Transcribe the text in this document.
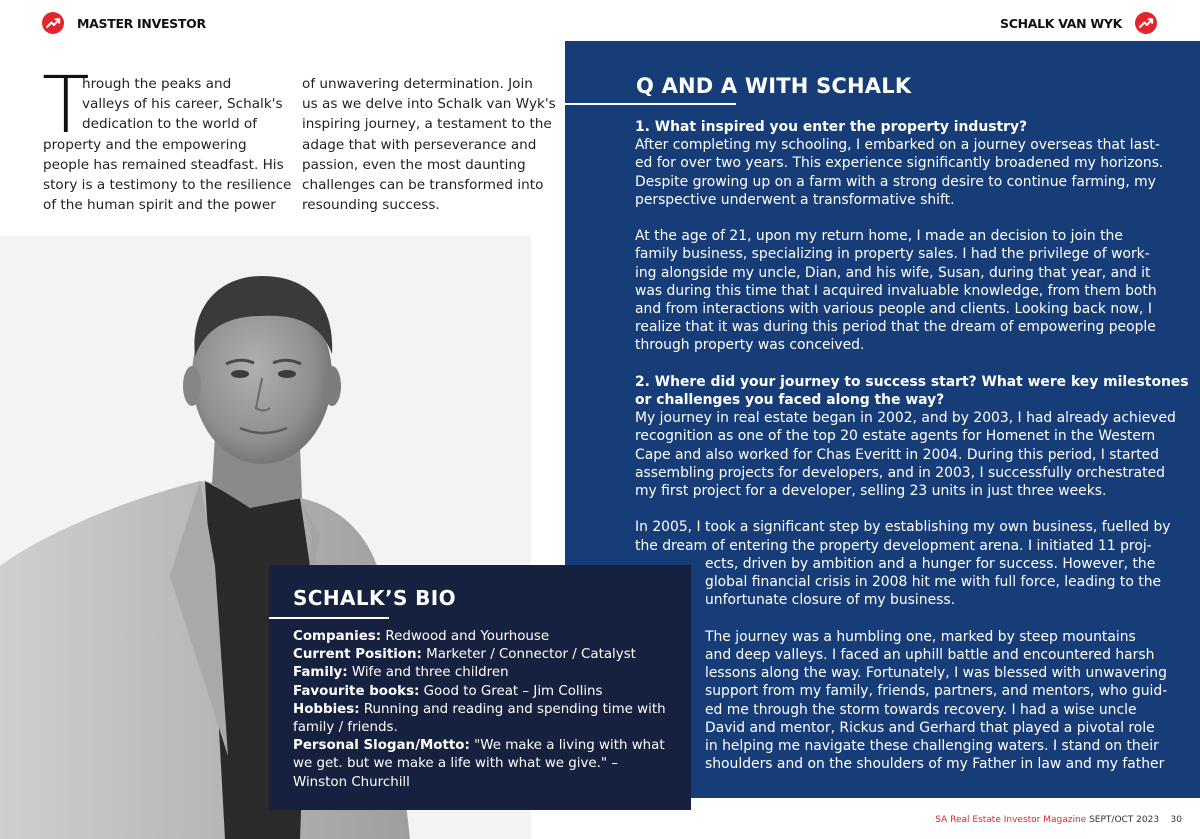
MASTER INVESTOR	SCHALK VAN WYK
T
hrough the peaks and
valleys of his career, Schalk's
dedication to the world of
property and the empowering
people has remained steadfast. His
story is a testimony to the resilience
of the human spirit and the power
of unwavering determination. Join
us as we delve into Schalk van Wyk's
inspiring journey, a testament to the
adage that with perseverance and
passion, even the most daunting
challenges can be transformed into
resounding success.
Q AND A WITH SCHALK
1. What inspired you enter the property industry?
After completing my schooling, I embarked on a journey overseas that last-
ed for over two years. This experience significantly broadened my horizons.
Despite growing up on a farm with a strong desire to continue farming, my
perspective underwent a transformative shift.

At the age of 21, upon my return home, I made an decision to join the
family business, specializing in property sales. I had the privilege of work-
ing alongside my uncle, Dian, and his wife, Susan, during that year, and it
was during this time that I acquired invaluable knowledge, from them both
and from interactions with various people and clients. Looking back now, I
realize that it was during this period that the dream of empowering people
through property was conceived.

2. Where did your journey to success start? What were key milestones
or challenges you faced along the way?
My journey in real estate began in 2002, and by 2003, I had already achieved
recognition as one of the top 20 estate agents for Homenet in the Western
Cape and also worked for Chas Everitt in 2004. During this period, I started
assembling projects for developers, and in 2003, I successfully orchestrated
my first project for a developer, selling 23 units in just three weeks.

In 2005, I took a significant step by establishing my own business, fuelled by
the dream of entering the property development arena. I initiated 11 proj-
ects, driven by ambition and a hunger for success. However, the
global financial crisis in 2008 hit me with full force, leading to the
unfortunate closure of my business.

The journey was a humbling one, marked by steep mountains
and deep valleys. I faced an uphill battle and encountered harsh
lessons along the way. Fortunately, I was blessed with unwavering
support from my family, friends, partners, and mentors, who guid-
ed me through the storm towards recovery. I had a wise uncle
David and mentor, Rickus and Gerhard that played a pivotal role
in helping me navigate these challenging waters. I stand on their
shoulders and on the shoulders of my Father in law and my father
SCHALK’S BIO
Companies: Redwood and Yourhouse
Current Position: Marketer / Connector / Catalyst
Family: Wife and three children
Favourite books: Good to Great – Jim Collins
Hobbies: Running and reading and spending time with
family / friends.
Personal Slogan/Motto: "We make a living with what
we get. but we make a life with what we give." –
Winston Churchill
SA Real Estate Investor Magazine SEPT/OCT 2023 30
